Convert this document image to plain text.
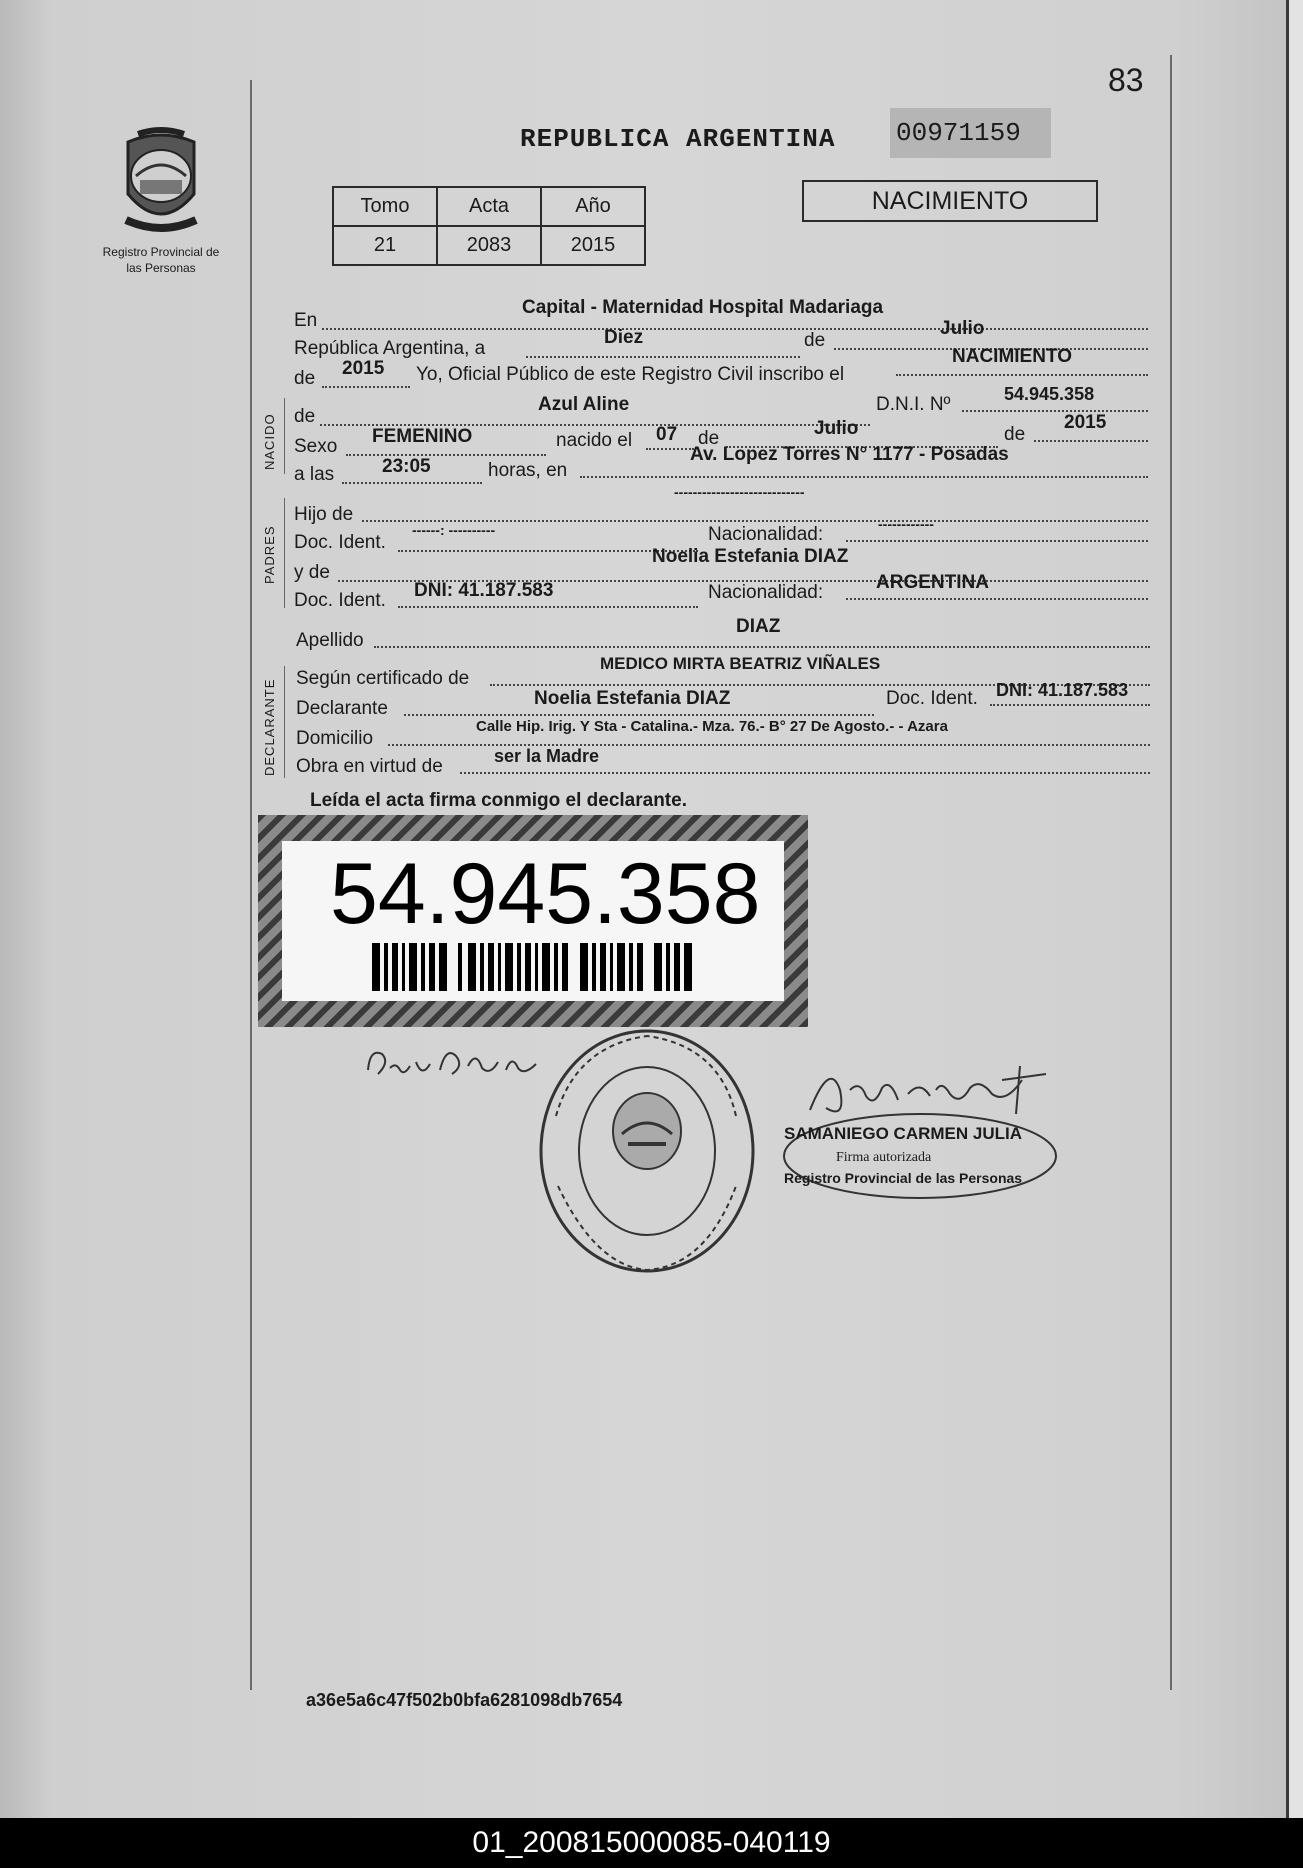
83
Registro Provincial de las Personas
REPUBLICA ARGENTINA 00971159
Tomo	Acta	Año
21	2083	2015
NACIMIENTO
En
Capital - Maternidad Hospital Madariaga
República Argentina, a
Diez	de
Julio
de 2015 Yo, Oficial Público de este Registro Civil inscribo el
NACIMIENTO
NACIDO de
Azul Aline	D.N.I. Nº	54.945.358
Sexo FEMENINO	nacido el 07 de	Julio	de
2015
a las	23:05	horas, en
Av. Lopez Torres N° 1177 - Posadas
PADRES
----------------------------
Hijo de
Doc. Ident.
------: ----------	Nacionalidad:	------------
y de
Noelia Estefania DIAZ
Doc. Ident. DNI: 41.187.583	Nacionalidad:	ARGENTINA
Apellido
DIAZ
DECLARANTE
Según certificado de
MEDICO MIRTA BEATRIZ VIÑALES
Declarante	Noelia Estefania DIAZ	Doc. Ident. DNI: 41.187.583
Domicilio
Calle Hip. Irig. Y Sta - Catalina.- Mza. 76.- B° 27 De Agosto.- - Azara
Obra en virtud de	ser la Madre
Leída el acta firma conmigo el declarante.
54.945.358
SAMANIEGO CARMEN JULIA
Firma autorizada
Registro Provincial de las Personas
a36e5a6c47f502b0bfa6281098db7654
01_200815000085-040119
